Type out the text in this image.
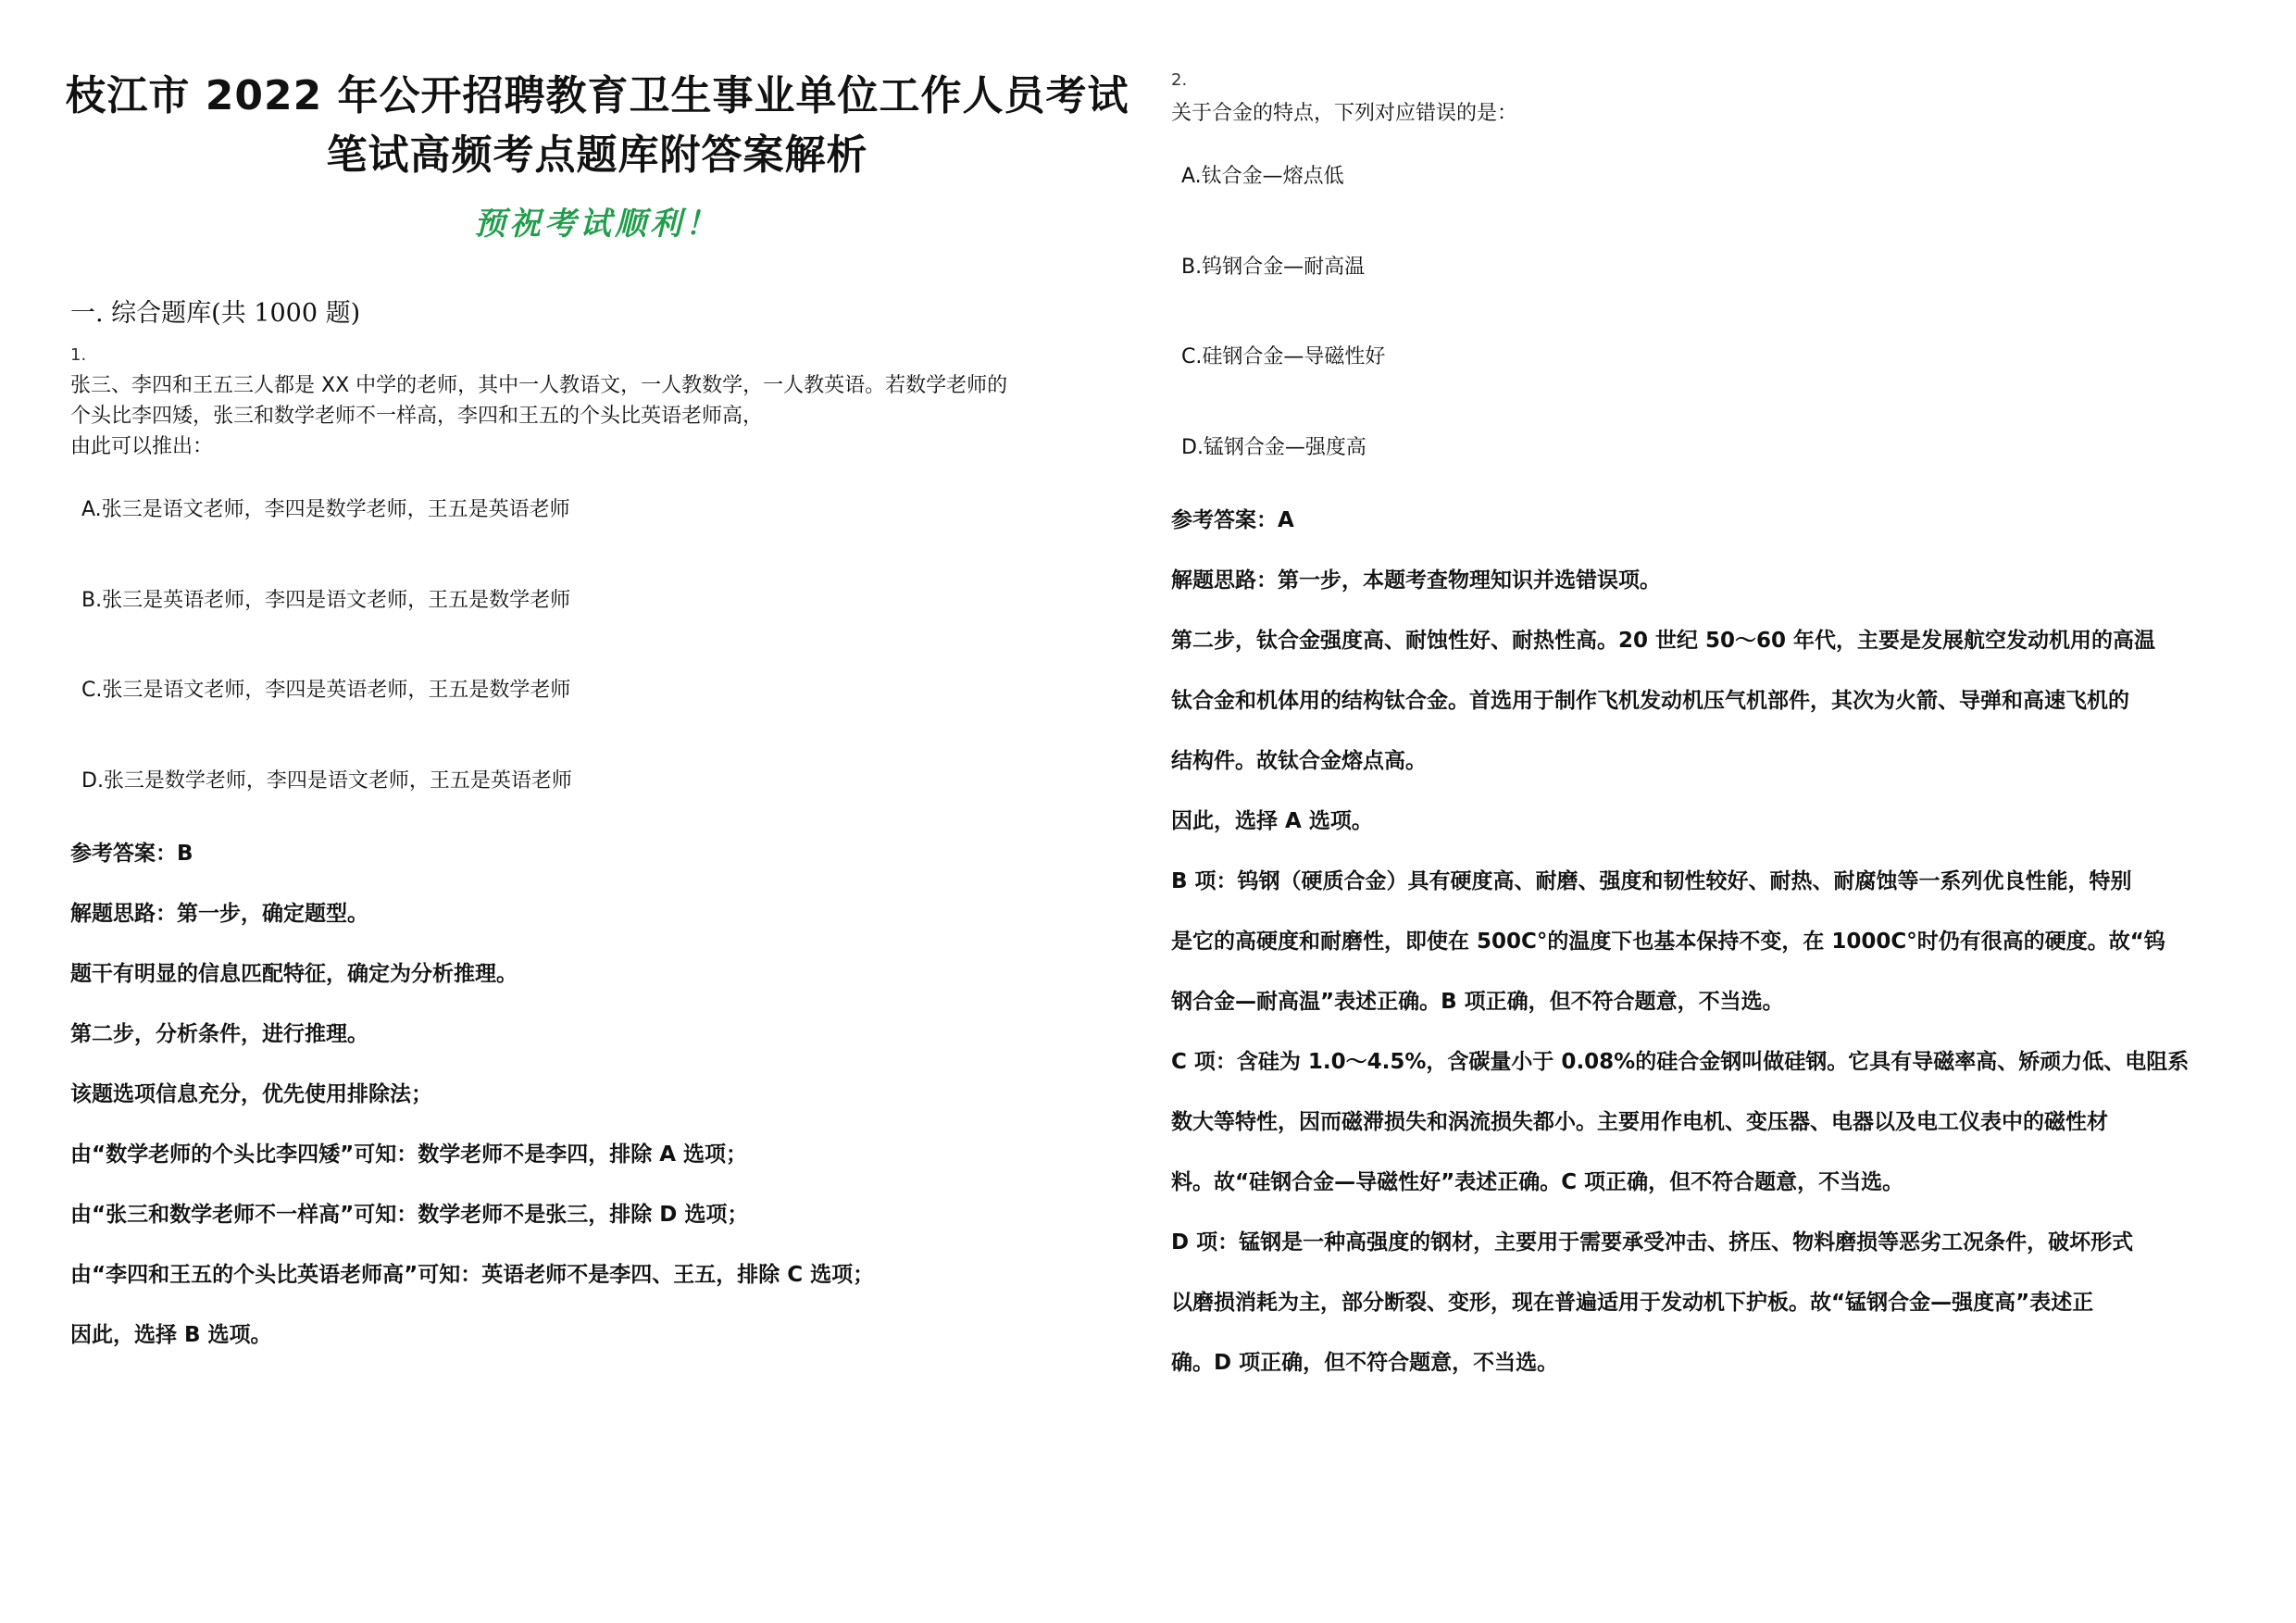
枝江市 2022 年公开招聘教育卫生事业单位工作人员考试
笔试高频考点题库附答案解析
预祝考试顺利！
一. 综合题库(共 1000 题)
1.
张三、李四和王五三人都是 XX 中学的老师，其中一人教语文，一人教数学，一人教英语。若数学老师的
个头比李四矮，张三和数学老师不一样高，李四和王五的个头比英语老师高，
由此可以推出：
A.张三是语文老师，李四是数学老师，王五是英语老师
B.张三是英语老师，李四是语文老师，王五是数学老师
C.张三是语文老师，李四是英语老师，王五是数学老师
D.张三是数学老师，李四是语文老师，王五是英语老师
参考答案：B
解题思路：第一步，确定题型。
题干有明显的信息匹配特征，确定为分析推理。
第二步，分析条件，进行推理。
该题选项信息充分，优先使用排除法；
由“数学老师的个头比李四矮”可知：数学老师不是李四，排除 A 选项；
由“张三和数学老师不一样高”可知：数学老师不是张三，排除 D 选项；
由“李四和王五的个头比英语老师高”可知：英语老师不是李四、王五，排除 C 选项；
因此，选择 B 选项。
2.
关于合金的特点，下列对应错误的是：
A.钛合金—熔点低
B.钨钢合金—耐高温
C.硅钢合金—导磁性好
D.锰钢合金—强度高
参考答案：A
解题思路：第一步，本题考查物理知识并选错误项。
第二步，钛合金强度高、耐蚀性好、耐热性高。20 世纪 50～60 年代，主要是发展航空发动机用的高温
钛合金和机体用的结构钛合金。首选用于制作飞机发动机压气机部件，其次为火箭、导弹和高速飞机的
结构件。故钛合金熔点高。
因此，选择 A 选项。
B 项：钨钢（硬质合金）具有硬度高、耐磨、强度和韧性较好、耐热、耐腐蚀等一系列优良性能，特别
是它的高硬度和耐磨性，即使在 500C°的温度下也基本保持不变，在 1000C°时仍有很高的硬度。故“钨
钢合金—耐高温”表述正确。B 项正确，但不符合题意，不当选。
C 项：含硅为 1.0～4.5%，含碳量小于 0.08%的硅合金钢叫做硅钢。它具有导磁率高、矫顽力低、电阻系
数大等特性，因而磁滞损失和涡流损失都小。主要用作电机、变压器、电器以及电工仪表中的磁性材
料。故“硅钢合金—导磁性好”表述正确。C 项正确，但不符合题意，不当选。
D 项：锰钢是一种高强度的钢材，主要用于需要承受冲击、挤压、物料磨损等恶劣工况条件，破坏形式
以磨损消耗为主，部分断裂、变形，现在普遍适用于发动机下护板。故“锰钢合金—强度高”表述正
确。D 项正确，但不符合题意，不当选。
